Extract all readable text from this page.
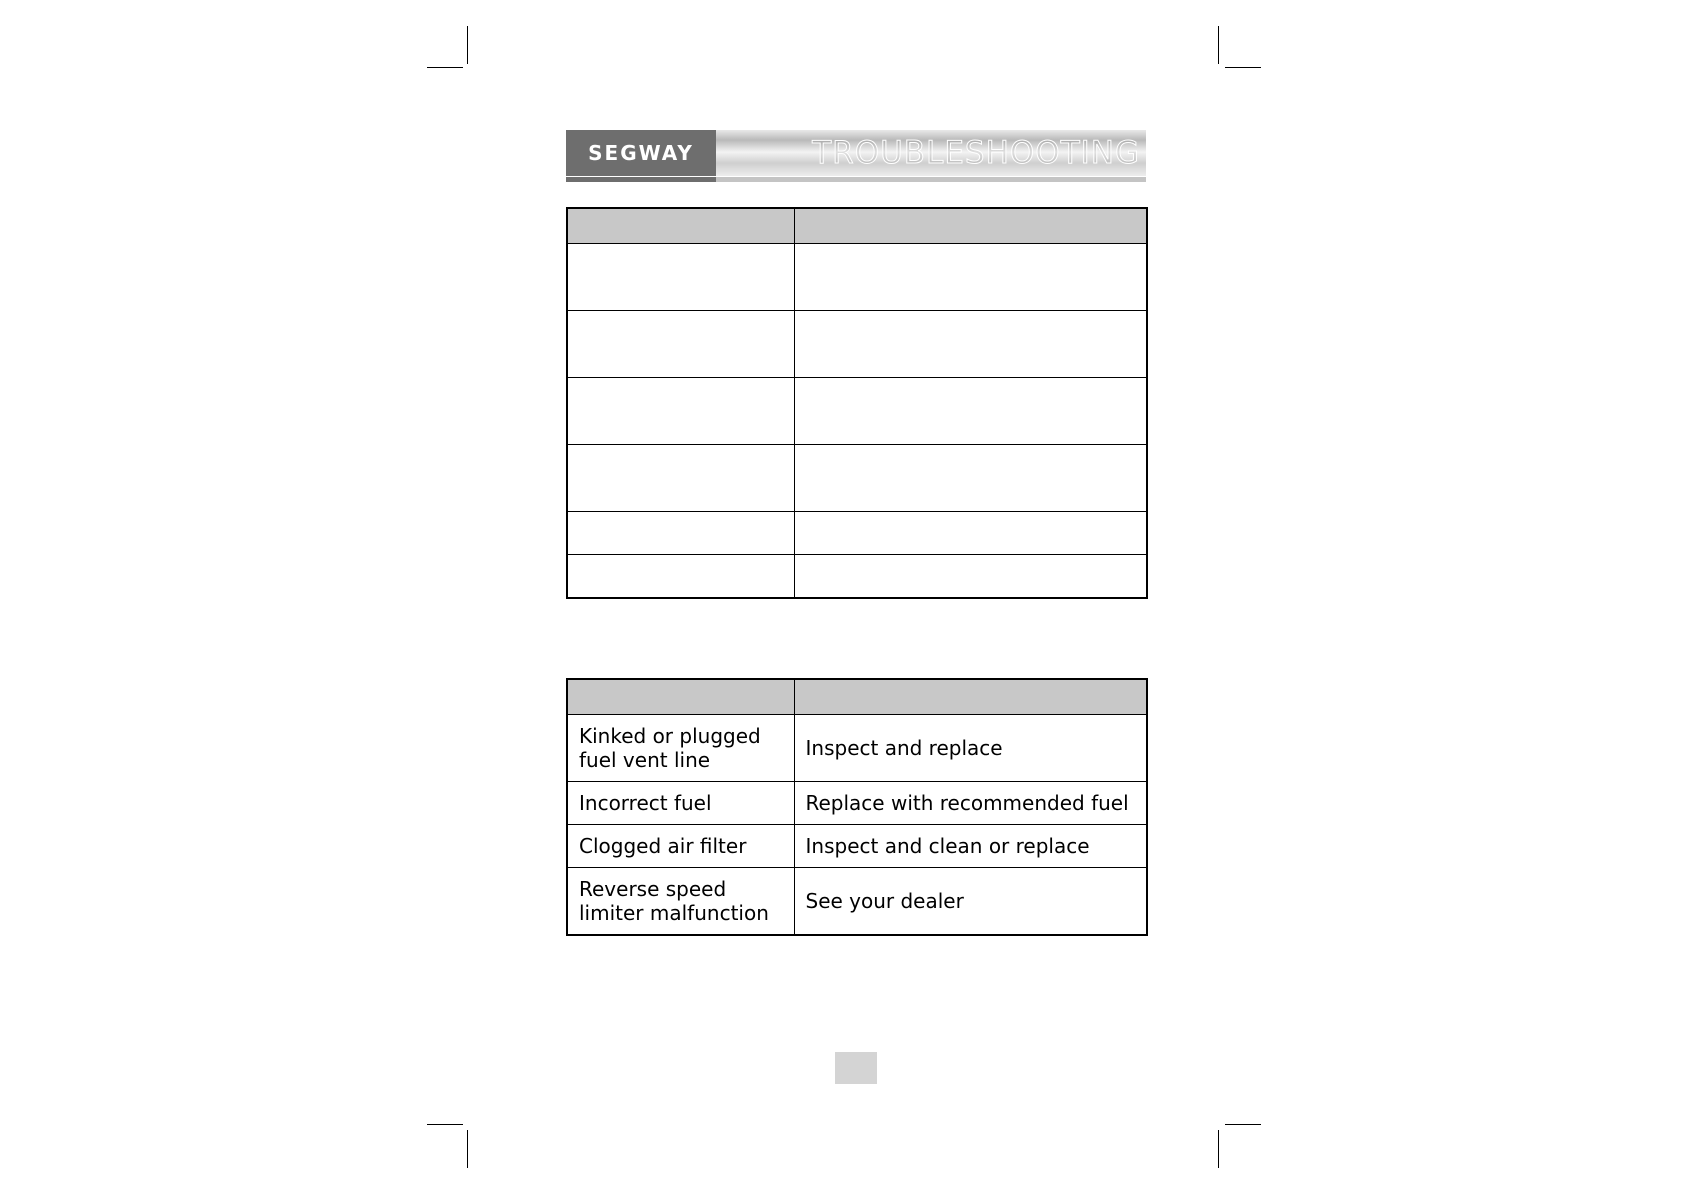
SEGWAY	TROUBLESHOOTING

Kinked or plugged fuel vent line	Inspect and replace
Incorrect fuel	Replace with recommended fuel
Clogged air filter	Inspect and clean or replace
Reverse speed limiter malfunction	See your dealer
